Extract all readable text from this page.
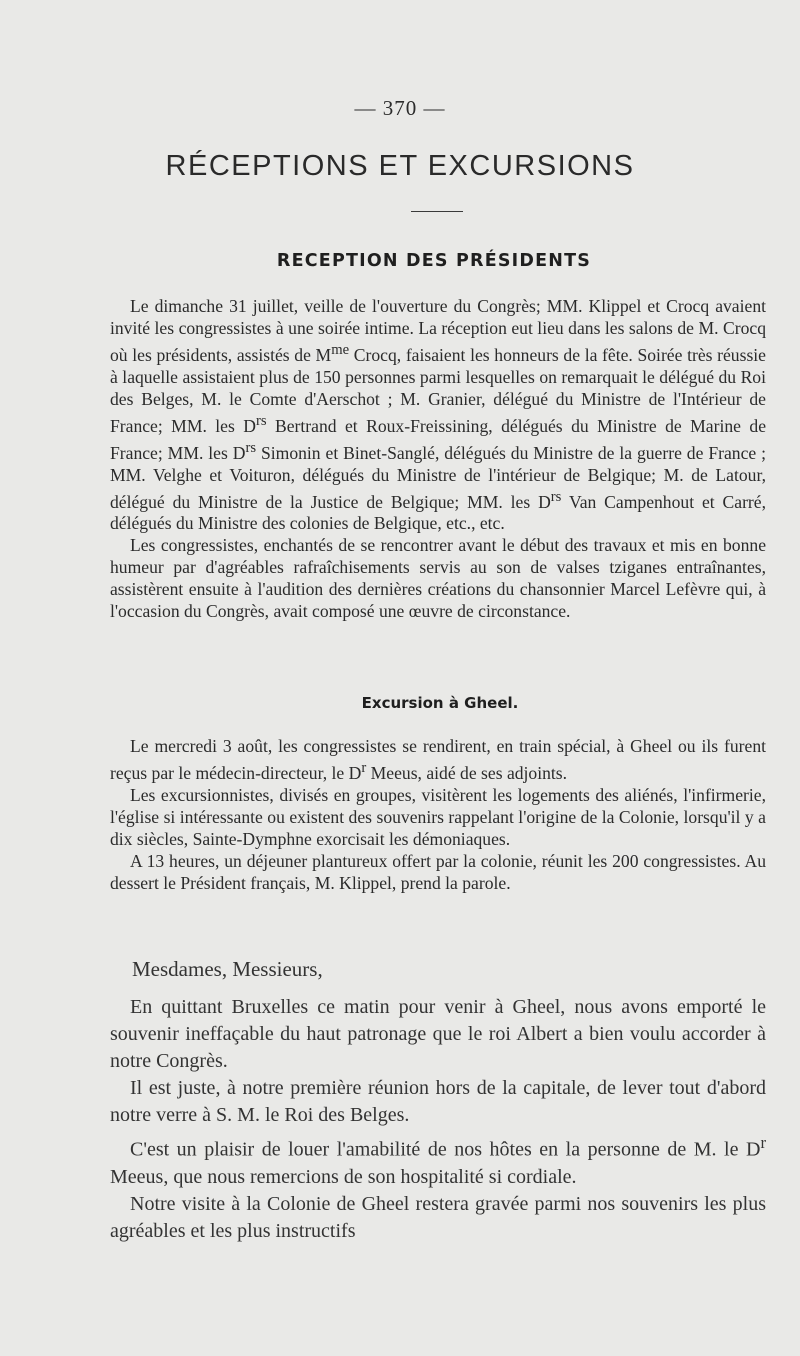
— 370 —
RÉCEPTIONS ET EXCURSIONS
RECEPTION DES PRÉSIDENTS

Le dimanche 31 juillet, veille de l'ouverture du Congrès; MM. Klippel et Crocq avaient invité les congressistes à une soirée intime. La réception eut lieu dans les salons de M. Crocq où les présidents, assistés de $M^{me}$ Crocq, faisaient les honneurs de la fête. Soirée très réussie à laquelle assistaient plus de 150 personnes parmi lesquelles on remarquait le délégué du Roi des Belges, M. le Comte d'Aerschot ; M. Granier, délégué du Ministre de l'Intérieur de France; MM. les $D^{rs}$ Bertrand et Roux-Freissining, délégués du Ministre de Marine de France; MM. les $D^{rs}$ Simonin et Binet-Sanglé, délégués du Ministre de la guerre de France ; MM. Velghe et Voituron, délégués du Ministre de l'intérieur de Belgique; M. de Latour, délégué du Ministre de la Justice de Belgique; MM. les $D^{rs}$ Van Campenhout et Carré, délégués du Ministre des colonies de Belgique, etc., etc.

Les congressistes, enchantés de se rencontrer avant le début des travaux et mis en bonne humeur par d'agréables rafraîchisements servis au son de valses tziganes entraînantes, assistèrent ensuite à l'audition des dernières créations du chansonnier Marcel Lefèvre qui, à l'occasion du Congrès, avait composé une œuvre de circonstance.

Excursion à Gheel.

Le mercredi 3 août, les congressistes se rendirent, en train spécial, à Gheel ou ils furent reçus par le médecin-directeur, le $D^r$ Meeus, aidé de ses adjoints.

Les excursionnistes, divisés en groupes, visitèrent les logements des aliénés, l'infirmerie, l'église si intéressante ou existent des souvenirs rappelant l'origine de la Colonie, lorsqu'il y a dix siècles, Sainte-Dymphne exorcisait les démoniaques.

A 13 heures, un déjeuner plantureux offert par la colonie, réunit les 200 congressistes. Au dessert le Président français, M. Klippel, prend la parole.

Mesdames, Messieurs,

En quittant Bruxelles ce matin pour venir à Gheel, nous avons emporté le souvenir ineffaçable du haut patronage que le roi Albert a bien voulu accorder à notre Congrès.

Il est juste, à notre première réunion hors de la capitale, de lever tout d'abord notre verre à S. M. le Roi des Belges.

C'est un plaisir de louer l'amabilité de nos hôtes en la personne de M. le $D^r$ Meeus, que nous remercions de son hospitalité si cordiale.

Notre visite à la Colonie de Gheel restera gravée parmi nos souvenirs les plus agréables et les plus instructifs
